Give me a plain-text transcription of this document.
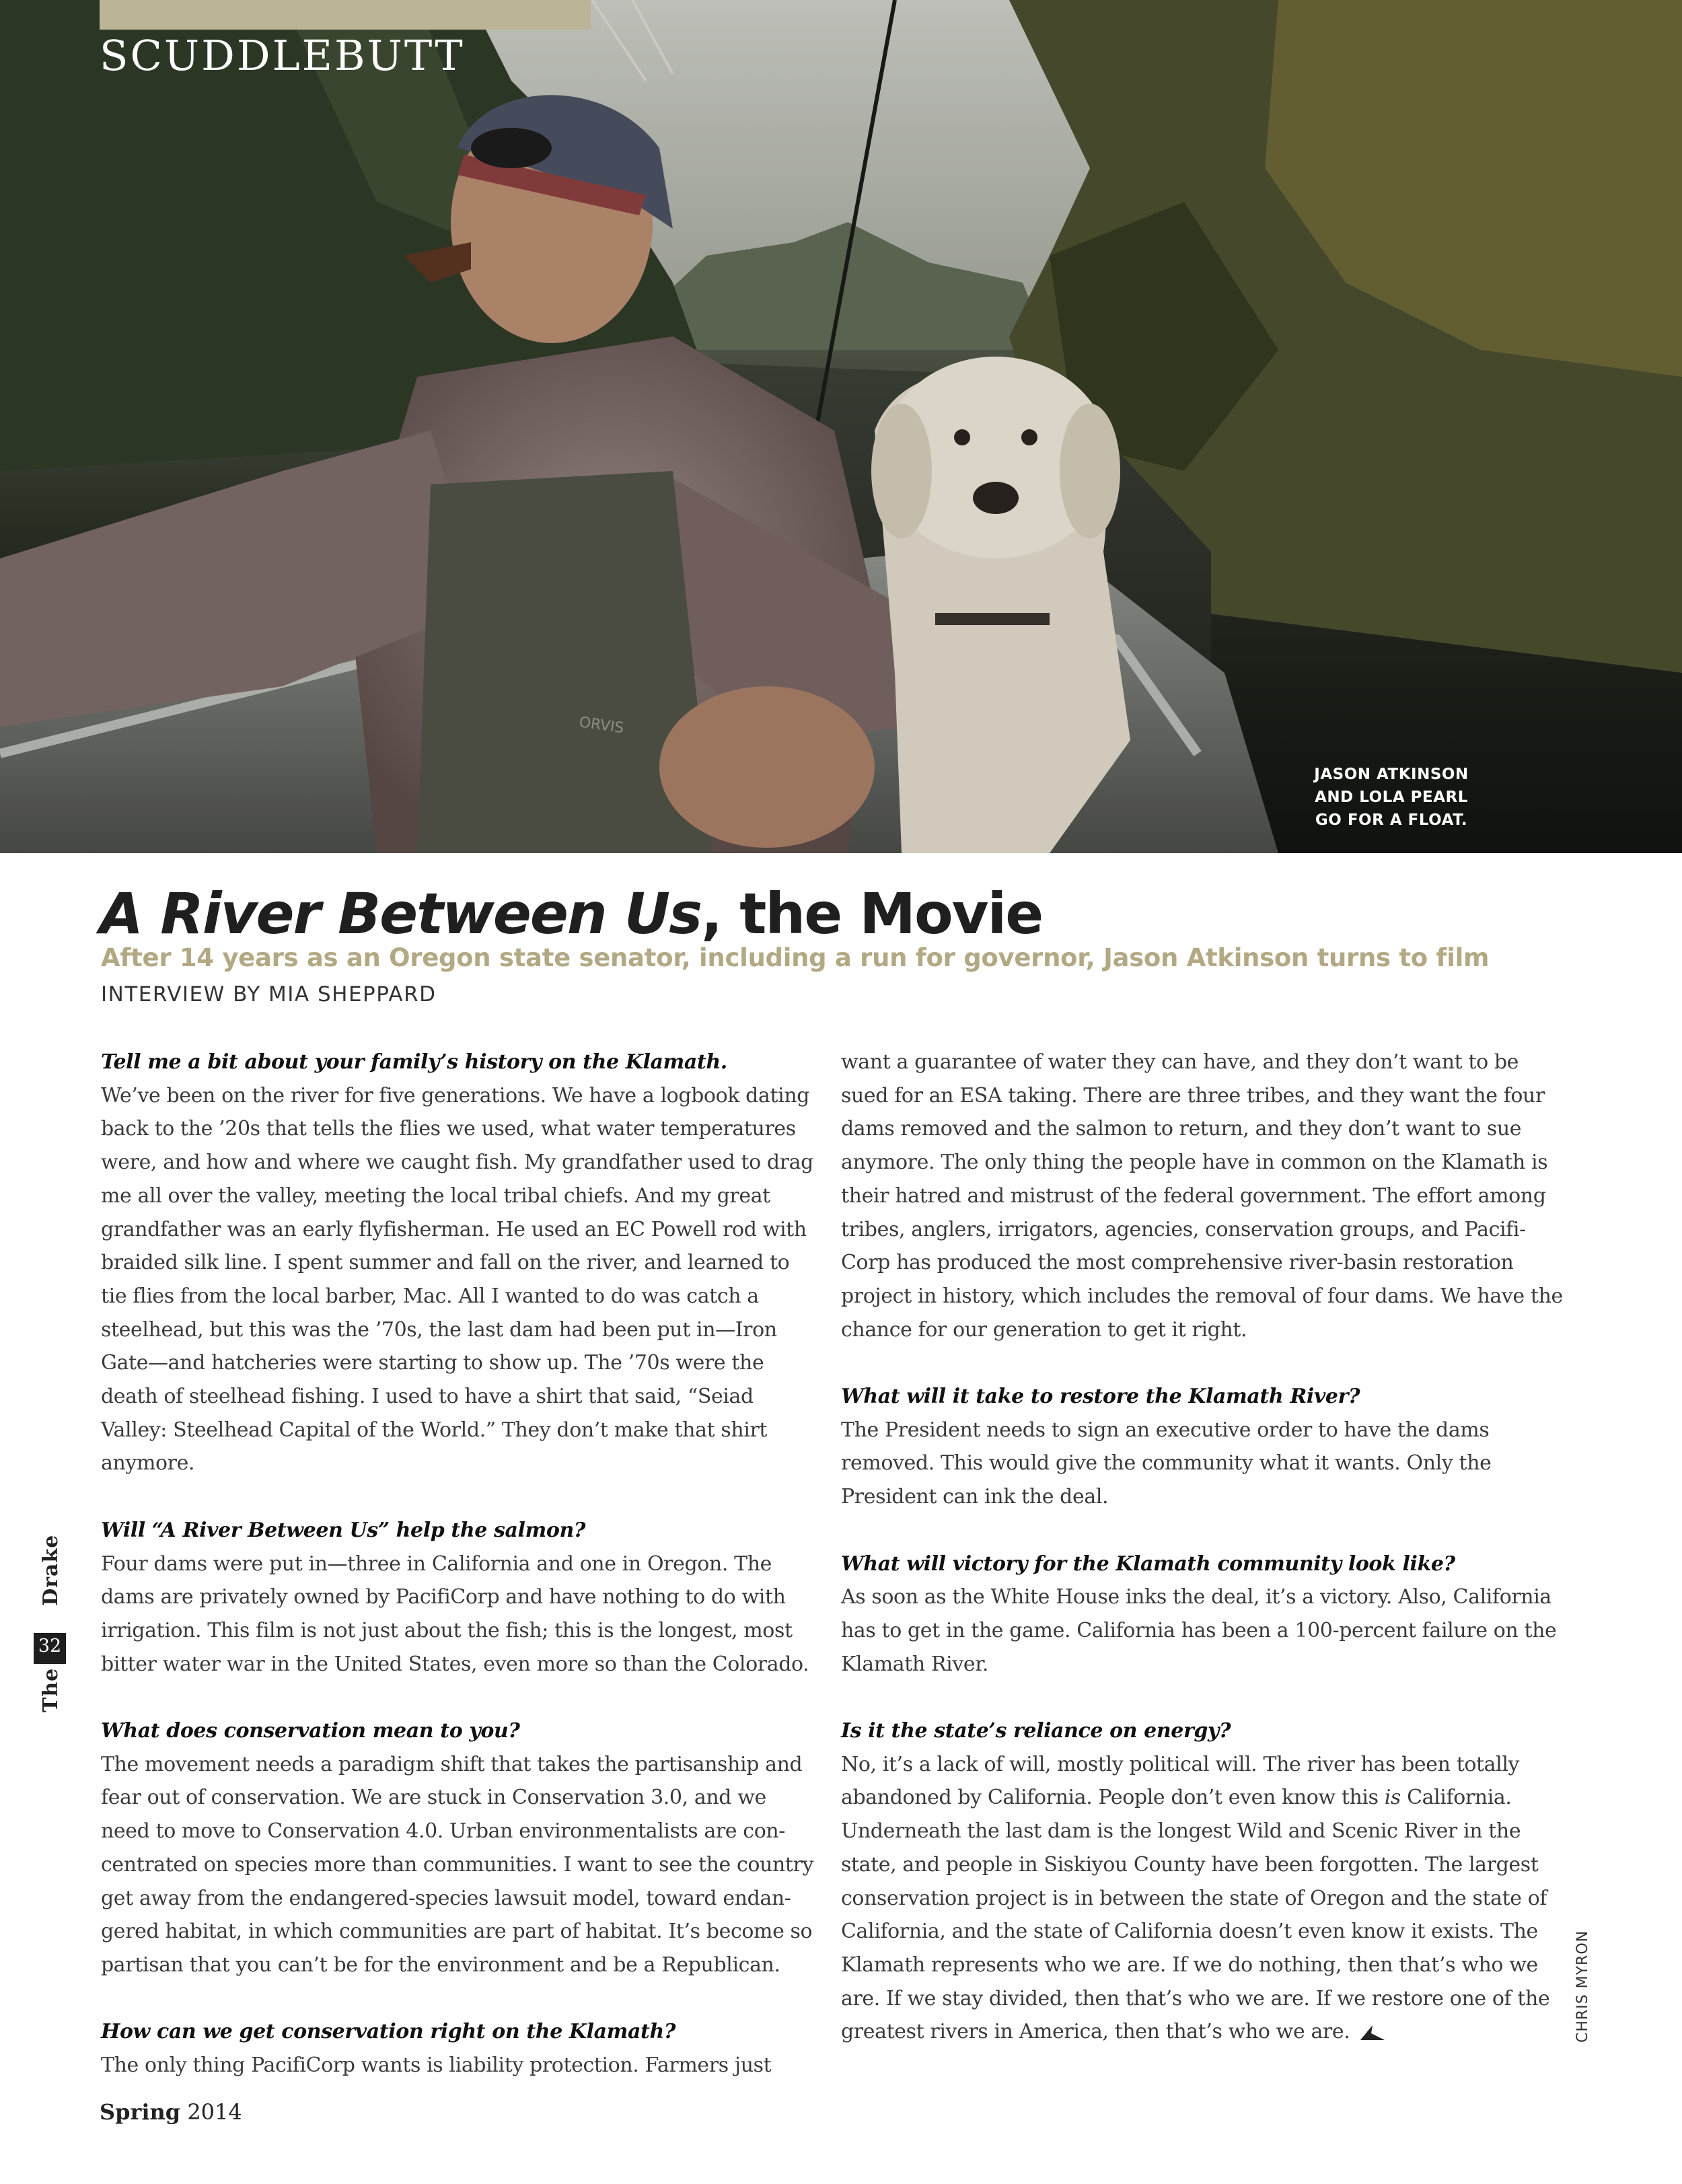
ORVIS
SCUDDLEBUTT
JASON ATKINSON
AND LOLA PEARL
GO FOR A FLOAT.
A River Between Us, the Movie
After 14 years as an Oregon state senator, including a run for governor, Jason Atkinson turns to film
INTERVIEW BY MIA SHEPPARD

Tell me a bit about your family’s history on the Klamath.

We’ve been on the river for five generations. We have a logbook dating back to the ’20s that tells the flies we used, what water temperatures were, and how and where we caught fish. My grandfather used to drag me all over the valley, meeting the local tribal chiefs. And my great grandfather was an early flyfisherman. He used an EC Powell rod with braided silk line. I spent summer and fall on the river, and learned to tie flies from the local barber, Mac. All I wanted to do was catch a steelhead, but this was the ’70s, the last dam had been put in—Iron Gate—and hatcheries were starting to show up. The ’70s were the death of steelhead fishing. I used to have a shirt that said, “Seiad Valley: Steelhead Capital of the World.” They don’t make that shirt anymore.

Will “A River Between Us” help the salmon?

Four dams were put in—three in California and one in Oregon. The dams are privately owned by PacifiCorp and have nothing to do with irrigation. This film is not just about the fish; this is the longest, most bitter water war in the United States, even more so than the Colorado.

What does conservation mean to you?

The movement needs a paradigm shift that takes the partisanship and fear out of conservation. We are stuck in Conservation 3.0, and we need to move to Conservation 4.0. Urban environmentalists are con-centrated on species more than communities. I want to see the country get away from the endangered-species lawsuit model, toward endan-gered habitat, in which communities are part of habitat. It’s become so partisan that you can’t be for the environment and be a Republican.

How can we get conservation right on the Klamath?

The only thing PacifiCorp wants is liability protection. Farmers just

want a guarantee of water they can have, and they don’t want to be sued for an ESA taking. There are three tribes, and they want the four dams removed and the salmon to return, and they don’t want to sue anymore. The only thing the people have in common on the Klamath is their hatred and mistrust of the federal government. The effort among tribes, anglers, irrigators, agencies, conservation groups, and Pacifi-Corp has produced the most comprehensive river-basin restoration project in history, which includes the removal of four dams. We have the chance for our generation to get it right.

What will it take to restore the Klamath River?

The President needs to sign an executive order to have the dams removed. This would give the community what it wants. Only the President can ink the deal.

What will victory for the Klamath community look like?

As soon as the White House inks the deal, it’s a victory. Also, California has to get in the game. California has been a 100-percent failure on the Klamath River.

Is it the state’s reliance on energy?

No, it’s a lack of will, mostly political will. The river has been totally abandoned by California. People don’t even know this is California. Underneath the last dam is the longest Wild and Scenic River in the state, and people in Siskiyou County have been forgotten. The largest conservation project is in between the state of Oregon and the state of California, and the state of California doesn’t even know it exists. The Klamath represents who we are. If we do nothing, then that’s who we are. If we stay divided, then that’s who we are. If we restore one of the greatest rivers in America, then that’s who we are.

TheDrake
32
CHRIS MYRON
Spring 2014
